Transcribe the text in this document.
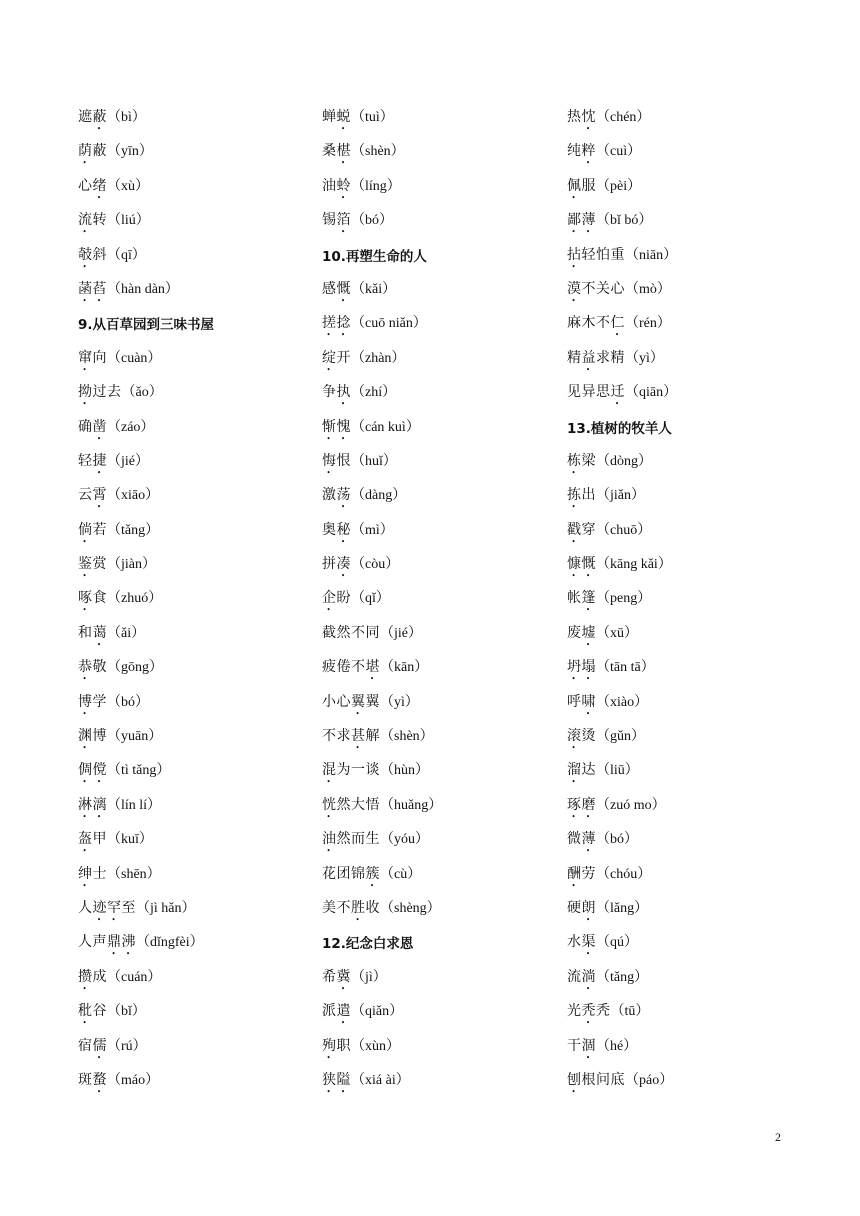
遮蔽（bì）
荫蔽（yīn）
心绪（xù）
流转（liú）
攲斜（qī）
菡萏（hàn dàn）
9.从百草园到三味书屋
窜向（cuàn）
拗过去（ǎo）
确凿（záo）
轻捷（jié）
云霄（xiāo）
倘若（tǎng）
鉴赏（jiàn）
啄食（zhuó）
和蔼（ǎi）
恭敬（gōng）
博学（bó）
渊博（yuān）
倜傥（tì tǎng）
淋漓（lín lí）
盔甲（kuī）
绅士（shēn）
人迹罕至（jì hǎn）
人声鼎沸（dǐngfèi）
攒成（cuán）
秕谷（bǐ）
宿儒（rú）
斑蝥（máo）
蝉蜕（tuì）
桑椹（shèn）
油蛉（líng）
锡箔（bó）
10.再塑生命的人
感慨（kǎi）
搓捻（cuō niǎn）
绽开（zhàn）
争执（zhí）
惭愧（cán kuì）
悔恨（huǐ）
激荡（dàng）
奥秘（mì）
拼凑（còu）
企盼（qǐ）
截然不同（jié）
疲倦不堪（kān）
小心翼翼（yì）
不求甚解（shèn）
混为一谈（hùn）
恍然大悟（huǎng）
油然而生（yóu）
花团锦簇（cù）
美不胜收（shèng）
12.纪念白求恩
希冀（jì）
派遣（qiǎn）
殉职（xùn）
狭隘（xiá ài）
热忱（chén）
纯粹（cuì）
佩服（pèi）
鄙薄（bǐ bó）
拈轻怕重（niān）
漠不关心（mò）
麻木不仁（rén）
精益求精（yì）
见异思迁（qiān）
13.植树的牧羊人
栋梁（dòng）
拣出（jiǎn）
戳穿（chuō）
慷慨（kāng kǎi）
帐篷（peng）
废墟（xū）
坍塌（tān tā）
呼啸（xiào）
滚烫（gǔn）
溜达（liū）
琢磨（zuó mo）
微薄（bó）
酬劳（chóu）
硬朗（lǎng）
水渠（qú）
流淌（tǎng）
光秃秃（tū）
干涸（hé）
刨根问底（páo）
2
